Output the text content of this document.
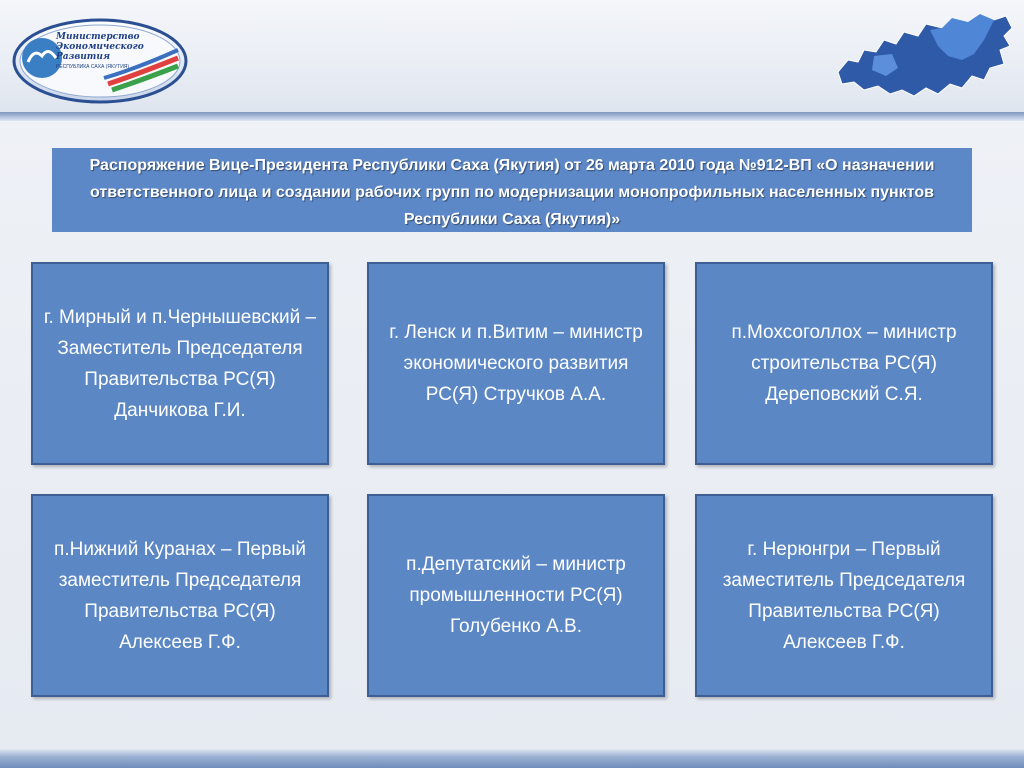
Министерство
Экономического
Развития
РЕСПУБЛИКА САХА (ЯКУТИЯ)
Распоряжение Вице-Президента Республики Саха (Якутия) от 26 марта 2010 года №912-ВП «О назначении ответственного лица и создании рабочих групп по модернизации монопрофильных населенных пунктов Республики Саха (Якутия)»
г. Мирный и п.Чернышевский – Заместитель Председателя Правительства РС(Я) Данчикова Г.И.
г. Ленск и п.Витим – министр экономического развития РС(Я) Стручков А.А.
п.Мохсоголлох – министр строительства РС(Я) Дереповский С.Я.
п.Нижний Куранах – Первый заместитель Председателя Правительства РС(Я) Алексеев Г.Ф.
п.Депутатский – министр промышленности РС(Я) Голубенко А.В.
г. Нерюнгри – Первый заместитель Председателя Правительства РС(Я) Алексеев Г.Ф.
